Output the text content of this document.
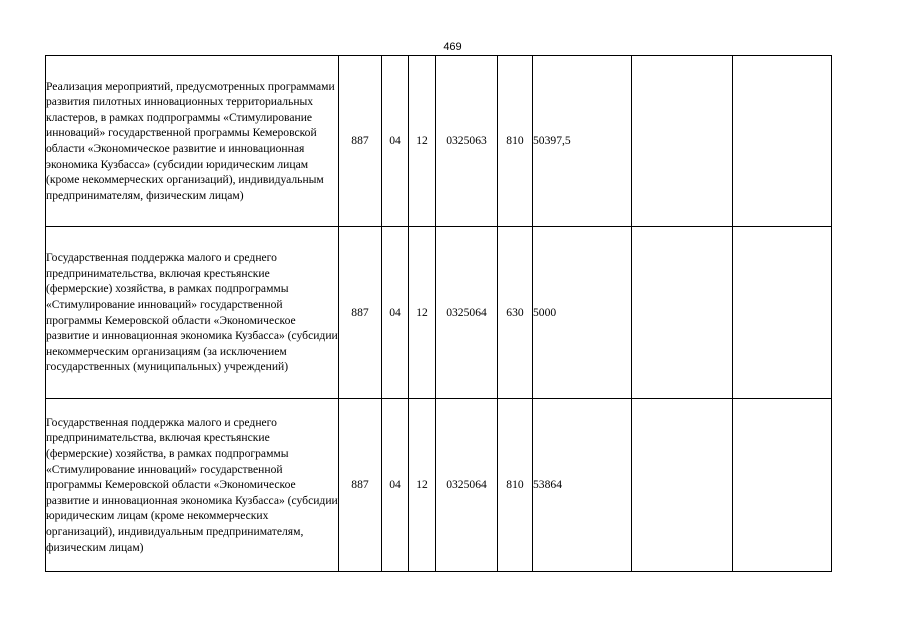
469
Реализация мероприятий, предусмотренных программами развития пилотных инновационных территориальных кластеров, в рамках подпрограммы «Стимулирование инноваций» государственной программы Кемеровской области «Экономическое развитие и инновационная экономика Кузбасса» (субсидии юридическим лицам (кроме некоммерческих организаций), индивидуальным предпринимателям, физическим лицам)	887	04	12	0325063	810	50397,5		
Государственная поддержка малого и среднего предпринимательства, включая крестьянские (фермерские) хозяйства, в рамках подпрограммы «Стимулирование инноваций» государственной программы Кемеровской области «Экономическое развитие и инновационная экономика Кузбасса» (субсидии некоммерческим организациям (за исключением государственных (муниципальных) учреждений)	887	04	12	0325064	630	5000		
Государственная поддержка малого и среднего предпринимательства, включая крестьянские (фермерские) хозяйства, в рамках подпрограммы «Стимулирование инноваций» государственной программы Кемеровской области «Экономическое развитие и инновационная экономика Кузбасса» (субсидии юридическим лицам (кроме некоммерческих организаций), индивидуальным предпринимателям, физическим лицам)	887	04	12	0325064	810	53864		
